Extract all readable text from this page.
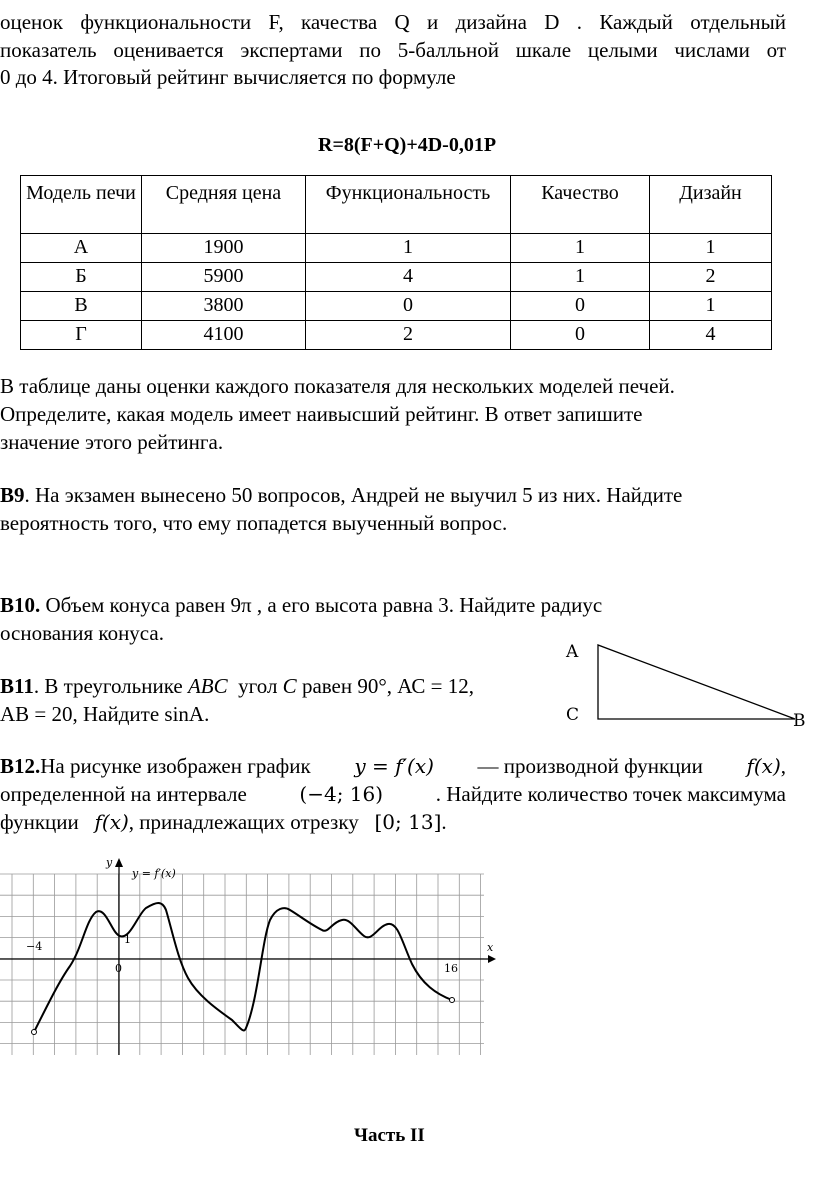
оценок функциональности F, качества Q и дизайна D . Каждый отдельный
показатель оценивается экспертами по 5-балльной шкале целыми числами от
0 до 4. Итоговый рейтинг вычисляется по формуле
R=8(F+Q)+4D-0,01P
Модель печи	Средняя цена	Функциональность	Качество	Дизайн
А	1900	1	1	1
Б	5900	4	1	2
В	3800	0	0	1
Г	4100	2	0	4
В таблице даны оценки каждого показателя для нескольких моделей печей.
Определите, какая модель имеет наивысший рейтинг. В ответ запишите
значение этого рейтинга.
В9. На экзамен вынесено 50 вопросов, Андрей не выучил 5 из них. Найдите
вероятность того, что ему попадется выученный вопрос.
В10. Объем конуса равен 9π , а его высота равна 3. Найдите радиус
основания конуса.
В11. В треугольнике ABC  угол C равен 90°, АС = 12,
АВ = 20, Найдите sinA.
A
C	B
В12.На рисунке изображен график y = f′(x) — производной функции f(x),
определенной на интервале	(−4; 16)	. Найдите количество точек максимума
функции f(x), принадлежащих отрезку [0; 13].
y
x
y = f′(x)
−4
0
1
16
Часть II
